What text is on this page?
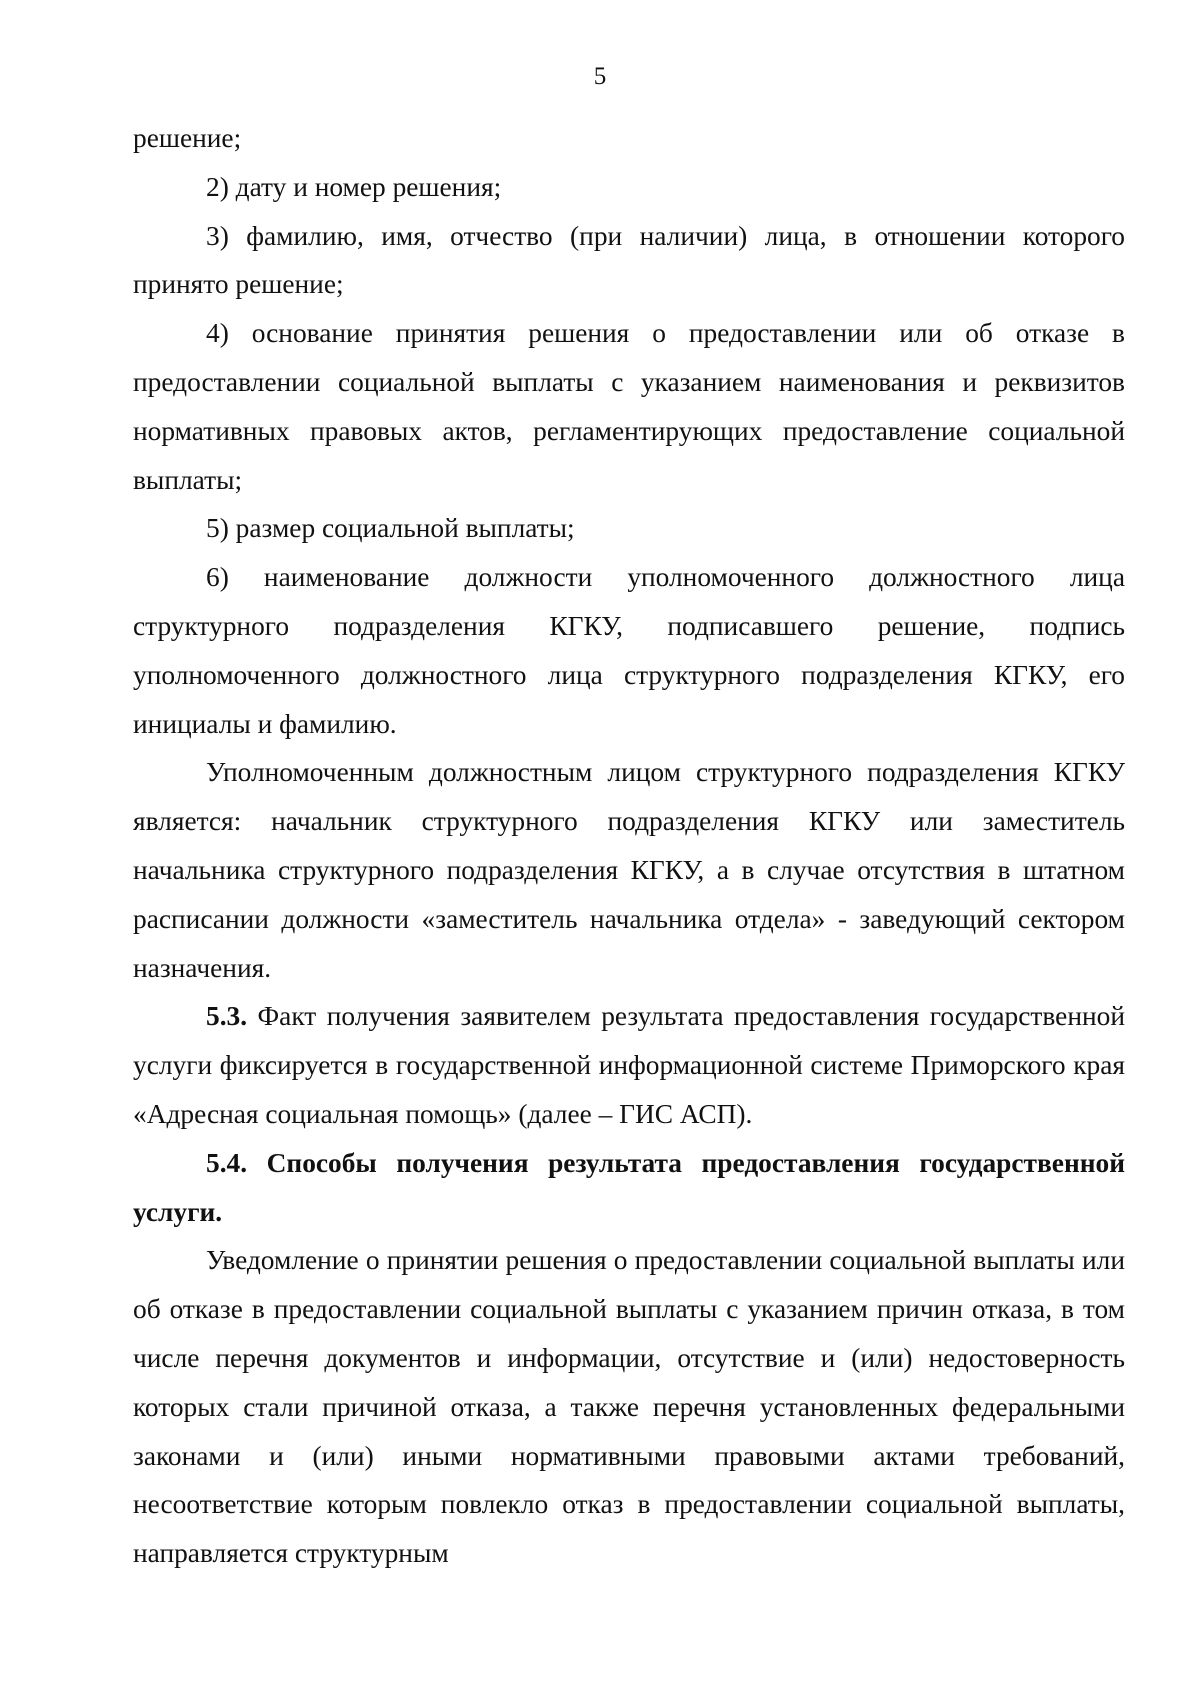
5

решение;

2) дату и номер решения;

3) фамилию, имя, отчество (при наличии) лица, в отношении которого принято решение;

4) основание принятия решения о предоставлении или об отказе в предоставлении социальной выплаты с указанием наименования и реквизитов нормативных правовых актов, регламентирующих предоставление социальной выплаты;

5) размер социальной выплаты;

6) наименование должности уполномоченного должностного лица структурного подразделения КГКУ, подписавшего решение, подпись уполномоченного должностного лица структурного подразделения КГКУ, его инициалы и фамилию.

Уполномоченным должностным лицом структурного подразделения КГКУ является: начальник структурного подразделения КГКУ или заместитель начальника структурного подразделения КГКУ, а в случае отсутствия в штатном расписании должности «заместитель начальника отдела» - заведующий сектором назначения.

5.3. Факт получения заявителем результата предоставления государственной услуги фиксируется в государственной информационной системе Приморского края «Адресная социальная помощь» (далее – ГИС АСП).

5.4. Способы получения результата предоставления государственной услуги.

Уведомление о принятии решения о предоставлении социальной выплаты или об отказе в предоставлении социальной выплаты с указанием причин отказа, в том числе перечня документов и информации, отсутствие и (или) недостоверность которых стали причиной отказа, а также перечня установленных федеральными законами и (или) иными нормативными правовыми актами требований, несоответствие которым повлекло отказ в предоставлении социальной выплаты, направляется структурным
